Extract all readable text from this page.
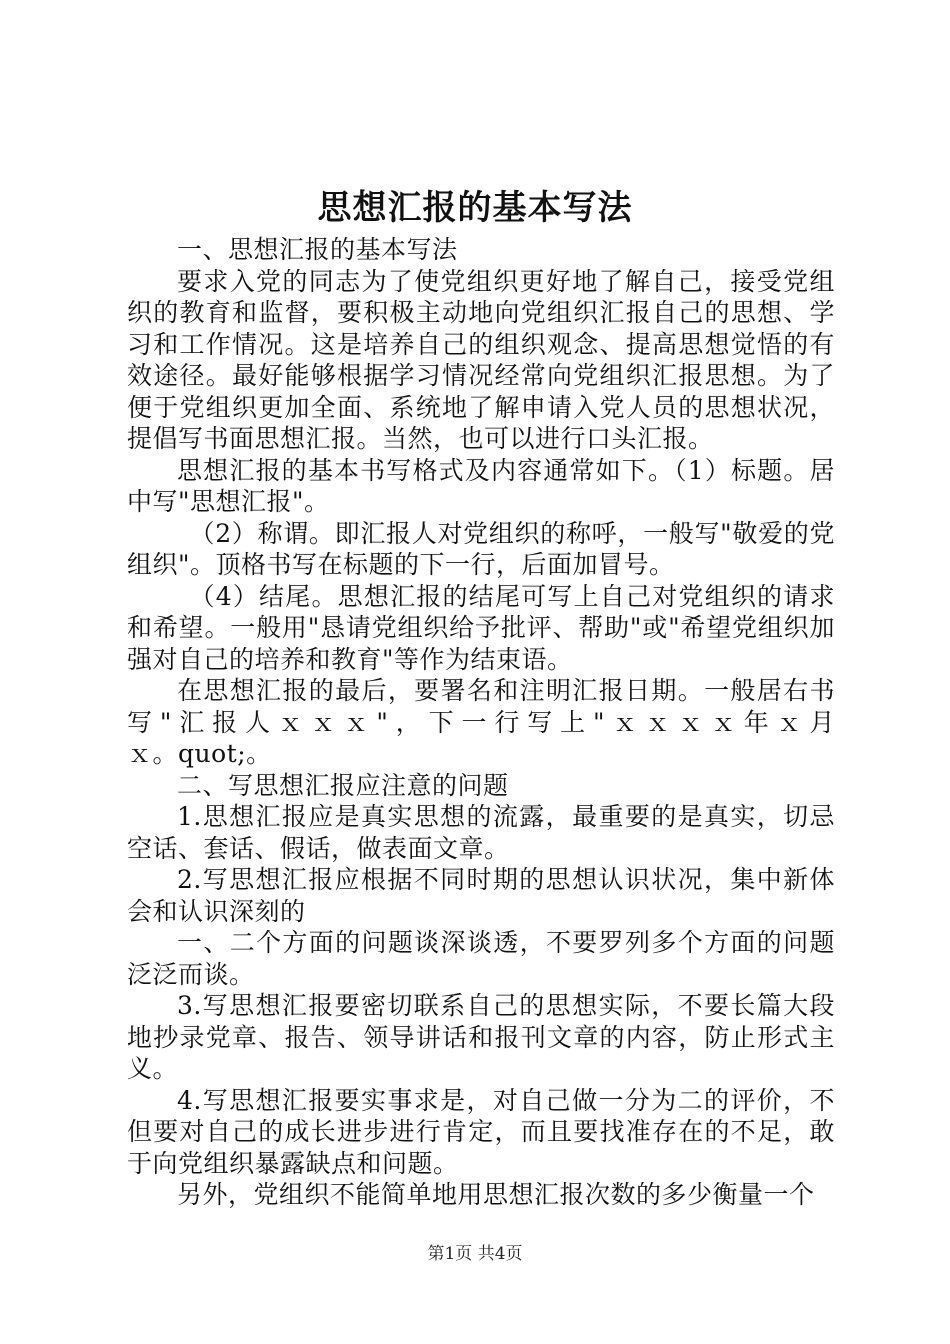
思想汇报的基本写法

一、思想汇报的基本写法

要求入党的同志为了使党组织更好地了解自己，接受党组织的教育和监督，要积极主动地向党组织汇报自己的思想、学习和工作情况。这是培养自己的组织观念、提高思想觉悟的有效途径。最好能够根据学习情况经常向党组织汇报思想。为了便于党组织更加全面、系统地了解申请入党人员的思想状况，提倡写书面思想汇报。当然，也可以进行口头汇报。

思想汇报的基本书写格式及内容通常如下。（1）标题。居中写"思想汇报"。

（2）称谓。即汇报人对党组织的称呼，一般写"敬爱的党组织"。顶格书写在标题的下一行，后面加冒号。

（4）结尾。思想汇报的结尾可写上自己对党组织的请求和希望。一般用"恳请党组织给予批评、帮助"或"希望党组织加强对自己的培养和教育"等作为结束语。

在思想汇报的最后，要署名和注明汇报日期。一般居右书写"汇报人ｘｘｘ"，下一行写上"ｘｘｘｘ年ｘ月

ｘ。quot;。

二、写思想汇报应注意的问题

1.思想汇报应是真实思想的流露，最重要的是真实，切忌空话、套话、假话，做表面文章。

2.写思想汇报应根据不同时期的思想认识状况，集中新体会和认识深刻的

一、二个方面的问题谈深谈透，不要罗列多个方面的问题泛泛而谈。

3.写思想汇报要密切联系自己的思想实际，不要长篇大段地抄录党章、报告、领导讲话和报刊文章的内容，防止形式主义。

4.写思想汇报要实事求是，对自己做一分为二的评价，不但要对自己的成长进步进行肯定，而且要找准存在的不足，敢于向党组织暴露缺点和问题。

另外，党组织不能简单地用思想汇报次数的多少衡量一个

第1页 共4页
